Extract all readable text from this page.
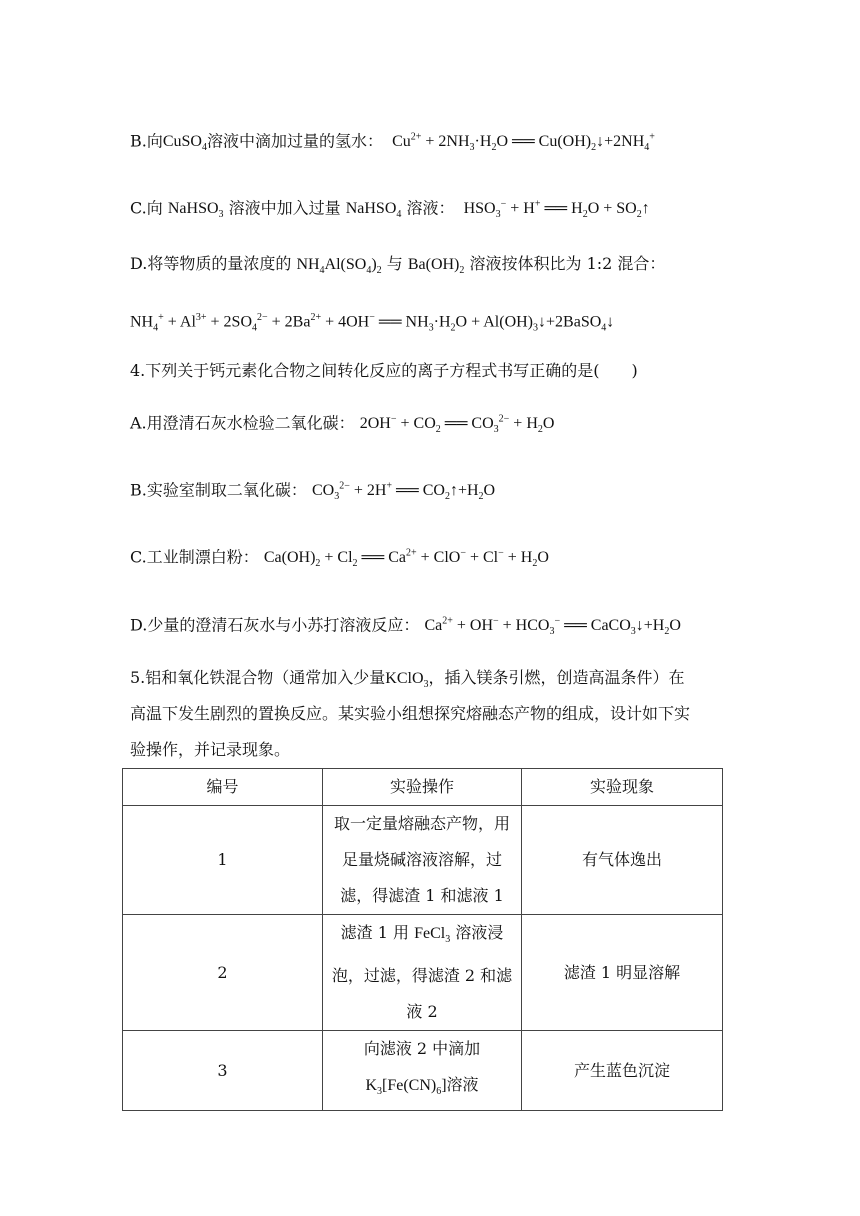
B.向CuSO$_4$溶液中滴加过量的氢水：  $Cu^{2+} + 2NH_3\cdot H_2O$ ══ $Cu(OH)_2↓+2NH_4^+$
C.向 NaHSO$_3$ 溶液中加入过量 NaHSO$_4$ 溶液：  $HSO_3^- + H^+$ ══ $H_2O$ + $SO_2↑$
D.将等物质的量浓度的 $NH_4Al(SO_4)_2$ 与 $Ba(OH)_2$ 溶液按体积比为 1:2 混合：
$NH_4^+ + Al^{3+} + 2SO_4^{2-} + 2Ba^{2+} + 4OH^-$ ══ $NH_3\cdot H_2O$ + $Al(OH)_3↓+2BaSO_4↓$
4.下列关于钙元素化合物之间转化反应的离子方程式书写正确的是(　　)
A.用澄清石灰水检验二氧化碳： $2OH^- + CO_2$ ══ $CO_3^{2-} + H_2O$
B.实验室制取二氧化碳： $CO_3^{2-} + 2H^+$ ══ $CO_2↑+H_2O$
C.工业制漂白粉： $Ca(OH)_2 + Cl_2$ ══ $Ca^{2+} + ClO^- + Cl^- + H_2O$
D.少量的澄清石灰水与小苏打溶液反应： $Ca^{2+} + OH^- + HCO_3^-$ ══ $CaCO_3↓+H_2O$
5.铝和氧化铁混合物（通常加入少量KClO$_3$，插入镁条引燃，创造高温条件）在
高温下发生剧烈的置换反应。某实验小组想探究熔融态产物的组成，设计如下实
验操作，并记录现象。
编号	实验操作	实验现象
1	取一定量熔融态产物，用
足量烧碱溶液溶解，过
滤，得滤渣 1 和滤液 1	有气体逸出
2	滤渣 1 用 FeCl$_3$ 溶液浸
泡，过滤，得滤渣 2 和滤
液 2	滤渣 1 明显溶解
3	向滤液 2 中滴加
$K_3[Fe(CN)_6]$溶液	产生蓝色沉淀
